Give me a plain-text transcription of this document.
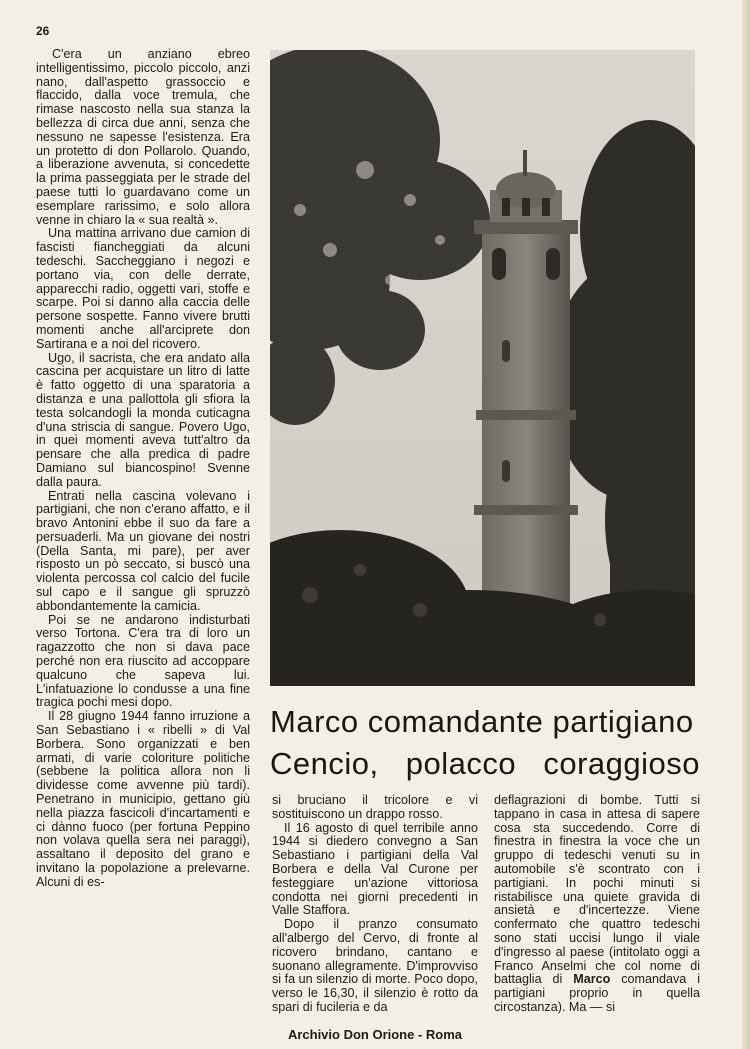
26

C'era un anziano ebreo intelligentissimo, piccolo piccolo, anzi nano, dall'aspetto grassoccio e flaccido, dalla voce tremula, che rimase nascosto nella sua stanza la bellezza di circa due anni, senza che nessuno ne sapesse l'esistenza. Era un protetto di don Pollarolo. Quando, a liberazione avvenuta, si concedette la prima passeggiata per le strade del paese tutti lo guardavano come un esemplare rarissimo, e solo allora venne in chiaro la « sua realtà ».

Una mattina arrivano due camion di fascisti fiancheggiati da alcuni tedeschi. Saccheggiano i negozi e portano via, con delle derrate, apparecchi radio, oggetti vari, stoffe e scarpe. Poi si danno alla caccia delle persone sospette. Fanno vivere brutti momenti anche all'arciprete don Sartirana e a noi del ricovero.

Ugo, il sacrista, che era andato alla cascina per acquistare un litro di latte è fatto oggetto di una sparatoria a distanza e una pallottola gli sfiora la testa solcandogli la monda cuticagna d'una striscia di sangue. Povero Ugo, in quei momenti aveva tutt'altro da pensare che alla predica di padre Damiano sul biancospino! Svenne dalla paura.

Entrati nella cascina volevano i partigiani, che non c'erano affatto, e il bravo Antonini ebbe il suo da fare a persuaderli. Ma un giovane dei nostri (Della Santa, mi pare), per aver risposto un pò seccato, si buscò una violenta percossa col calcio del fucile sul capo e il sangue gli spruzzò abbondantemente la camicia.

Poi se ne andarono indisturbati verso Tortona. C'era tra di loro un ragazzotto che non si dava pace perché non era riuscito ad accoppare qualcuno che sapeva lui. L'infatuazione lo condusse a una fine tragica pochi mesi dopo.

Il 28 giugno 1944 fanno irruzione a San Sebastiano i « ribelli » di Val Borbera. Sono organizzati e ben armati, di varie coloriture politiche (sebbene la politica allora non li dividesse come avvenne più tardi). Penetrano in municipio, gettano giù nella piazza fascicoli d'incartamenti e ci dànno fuoco (per fortuna Peppino non volava quella sera nei paraggi), assaltano il deposito del grano e invitano la popolazione a prelevarne. Alcuni di es-

Marco comandante partigiano
Cencio, polacco coraggioso

si bruciano il tricolore e vi sostituiscono un drappo rosso.

Il 16 agosto di quel terribile anno 1944 si diedero convegno a San Sebastiano i partigiani della Val Borbera e della Val Curone per festeggiare un'azione vittoriosa condotta nei giorni precedenti in Valle Staffora.

Dopo il pranzo consumato all'albergo del Cervo, di fronte al ricovero brindano, cantano e suonano allegramente. D'improvviso si fa un silenzio di morte. Poco dopo, verso le 16,30, il silenzio è rotto da spari di fucileria e da

deflagrazioni di bombe. Tutti si tappano in casa in attesa di sapere cosa sta succedendo. Corre di finestra in finestra la voce che un gruppo di tedeschi venuti su in automobile s'è scontrato con i partigiani. In pochi minuti si ristabilisce una quiete gravida di ansietà e d'incertezze. Viene confermato che quattro tedeschi sono stati uccisi lungo il viale d'ingresso al paese (intitolato oggi a Franco Anselmi che col nome di battaglia di Marco comandava i partigiani proprio in quella circostanza). Ma — si

Archivio Don Orione - Roma
